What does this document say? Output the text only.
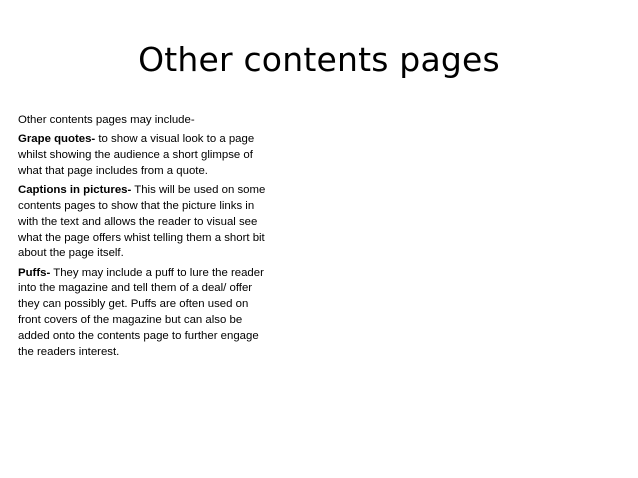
Other contents pages

Other contents pages may include-

Grape quotes- to show a visual look to a page whilst showing the audience a short glimpse of what that page includes from a quote.

Captions in pictures- This will be used on some contents pages to show that the picture links in with the text and allows the reader to visual see what the page offers whist telling them a short bit about the page itself.

Puffs- They may include a puff to lure the reader into the magazine and tell them of a deal/ offer they can possibly get. Puffs are often used on front covers of the magazine but can also be added onto the contents page to further engage the readers interest.
